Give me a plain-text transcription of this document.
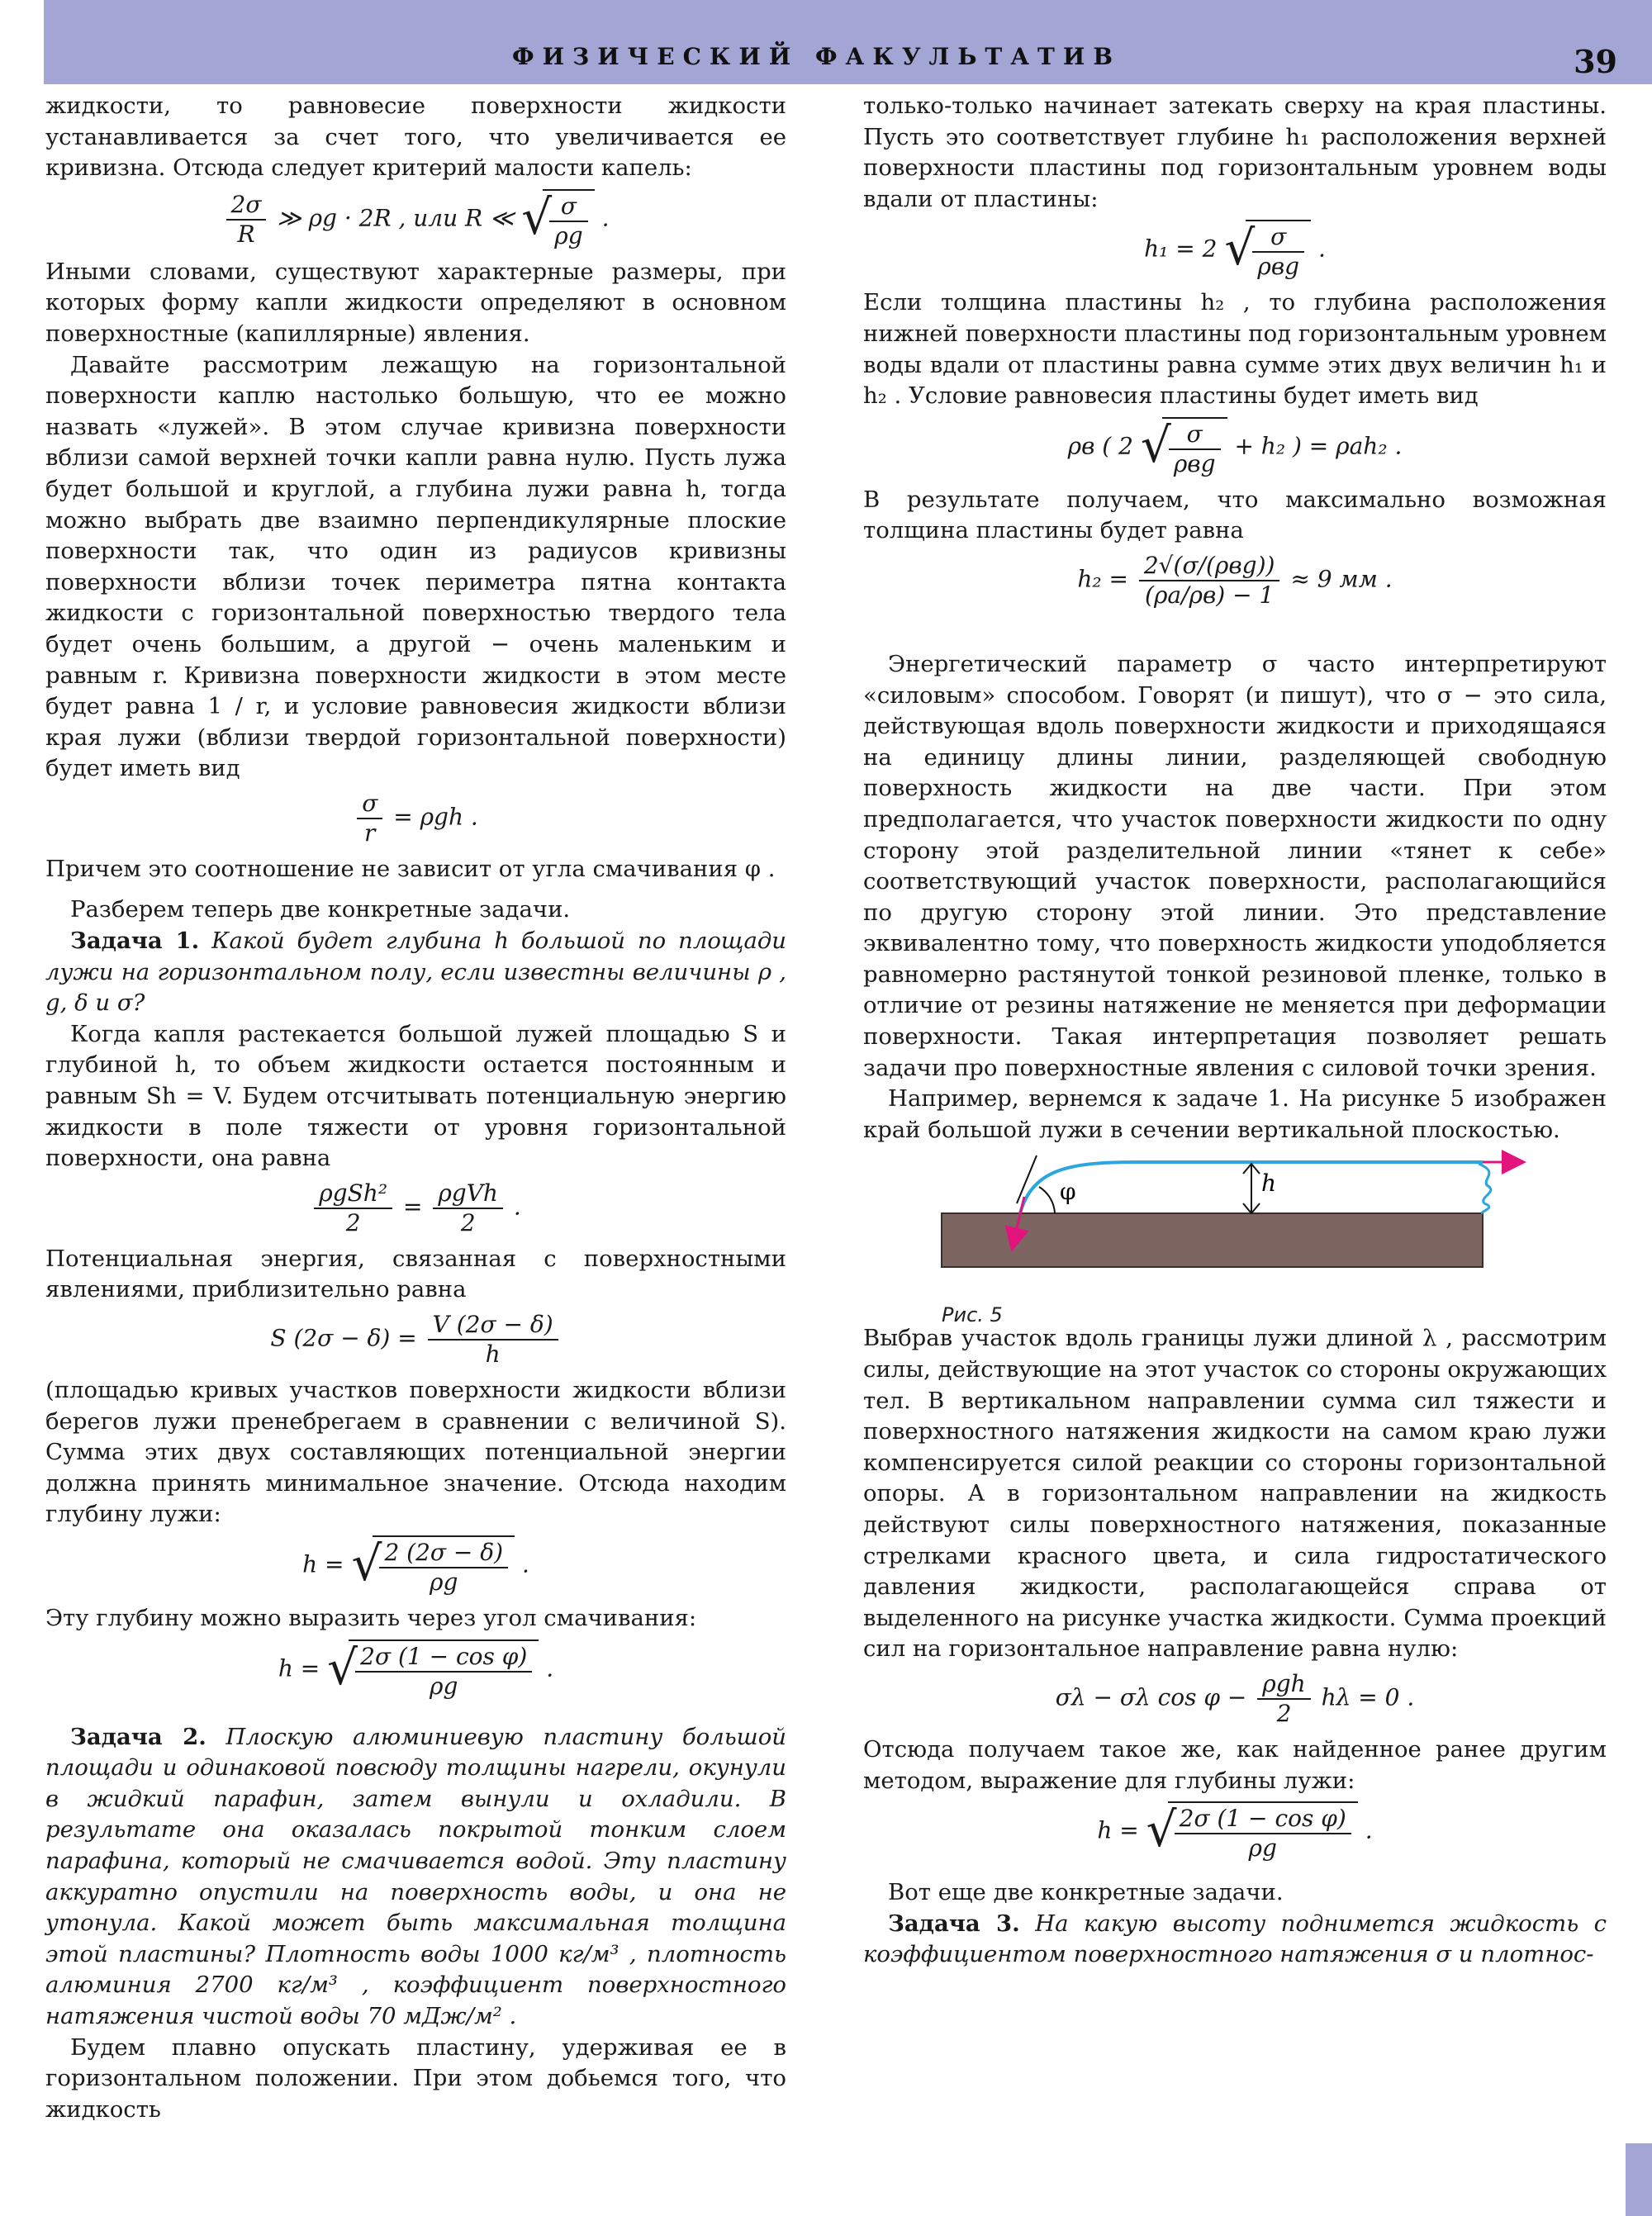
ФИЗИЧЕСКИЙ ФАКУЛЬТАТИВ	39

жидкости, то равновесие поверхности жидкости устанавливается за счет того, что увеличивается ее кривизна. Отсюда следует критерий малости капель:

$\frac{2\sigma}{R}$ ≫ ρg · 2R , или R ≪ √
$\frac{\sigma}{\rho g}$ .

Иными словами, существуют характерные размеры, при которых форму капли жидкости определяют в основном поверхностные (капиллярные) явления.

Давайте рассмотрим лежащую на горизонтальной поверхности каплю настолько большую, что ее можно назвать «лужей». В этом случае кривизна поверхности вблизи самой верхней точки капли равна нулю. Пусть лужа будет большой и круглой, а глубина лужи равна h, тогда можно выбрать две взаимно перпендикулярные плоские поверхности так, что один из радиусов кривизны поверхности вблизи точек периметра пятна контакта жидкости с горизонтальной поверхностью твердого тела будет очень большим, а другой − очень маленьким и равным r. Кривизна поверхности жидкости в этом месте будет равна 1 / r, и условие равновесия жидкости вблизи края лужи (вблизи твердой горизонтальной поверхности) будет иметь вид

$\frac{\sigma}{r} = \rho gh$ .

Причем это соотношение не зависит от угла смачивания φ .

Разберем теперь две конкретные задачи.

Задача 1. Какой будет глубина h большой по площади лужи на горизонтальном полу, если известны величины ρ , g, δ и σ?

Когда капля растекается большой лужей площадью S и глубиной h, то объем жидкости остается постоянным и равным Sh = V. Будем отсчитывать потенциальную энергию жидкости в поле тяжести от уровня горизонтальной поверхности, она равна

$\frac{\text{ρgSh²}}{2} = \frac{\text{ρgVh}}{2}$ .

Потенциальная энергия, связанная с поверхностными явлениями, приблизительно равна

S $(2\sigma - \delta) = \frac{V (2\sigma - \delta)}{h}$

(площадью кривых участков поверхности жидкости вблизи берегов лужи пренебрегаем в сравнении с величиной S). Сумма этих двух составляющих потенциальной энергии должна принять минимальное значение. Отсюда находим глубину лужи:

h = √
$\frac{2 (2\sigma - \delta)}{\rho g}$ .

Эту глубину можно выразить через угол смачивания:

h = √
$\frac{\text{2σ (1 − cos φ)}}{\rho g}$ .

Задача 2. Плоскую алюминиевую пластину большой площади и одинаковой повсюду толщины нагрели, окунули в жидкий парафин, затем вынули и охладили. В результате она оказалась покрытой тонким слоем парафина, который не смачивается водой. Эту пластину аккуратно опустили на поверхность воды, и она не утонула. Какой может быть максимальная толщина этой пластины? Плотность воды 1000 кг/м³ , плотность алюминия 2700 кг/м³ , коэффициент поверхностного натяжения чистой воды 70 мДж/м² .

Будем плавно опускать пластину, удерживая ее в горизонтальном положении. При этом добьемся того, что жидкость

только-только начинает затекать сверху на края пластины. Пусть это соответствует глубине h₁ расположения верхней поверхности пластины под горизонтальным уровнем воды вдали от пластины:

h₁ = 2 √
$\frac{\sigma}{\text{ρвg}}$ .

Если толщина пластины h₂ , то глубина расположения нижней поверхности пластины под горизонтальным уровнем воды вдали от пластины равна сумме этих двух величин h₁ и h₂ . Условие равновесия пластины будет иметь вид

ρв ( 2 √
$\frac{\sigma}{\text{ρвg}} + h_2$ ) = ρаh₂ .

В результате получаем, что максимально возможная толщина пластины будет равна

$h_2 = \frac{\text{2√(σ/(ρвg))}}{(\rho а/\rho в) - 1} \approx 9$ мм .

Энергетический параметр σ часто интерпретируют «силовым» способом. Говорят (и пишут), что σ − это сила, действующая вдоль поверхности жидкости и приходящаяся на единицу длины линии, разделяющей свободную поверхность жидкости на две части. При этом предполагается, что участок поверхности жидкости по одну сторону этой разделительной линии «тянет к себе» соответствующий участок поверхности, располагающийся по другую сторону этой линии. Это представление эквивалентно тому, что поверхность жидкости уподобляется равномерно растянутой тонкой резиновой пленке, только в отличие от резины натяжение не меняется при деформации поверхности. Такая интерпретация позволяет решать задачи про поверхностные явления с силовой точки зрения.

Например, вернемся к задаче 1. На рисунке 5 изображен край большой лужи в сечении вертикальной плоскостью.

φ	h
Рис. 5

Выбрав участок вдоль границы лужи длиной λ , рассмотрим силы, действующие на этот участок со стороны окружающих тел. В вертикальном направлении сумма сил тяжести и поверхностного натяжения жидкости на самом краю лужи компенсируется силой реакции со стороны горизонтальной опоры. А в горизонтальном направлении на жидкость действуют силы поверхностного натяжения, показанные стрелками красного цвета, и сила гидростатического давления жидкости, располагающейся справа от выделенного на рисунке участка жидкости. Сумма проекций сил на горизонтальное направление равна нулю:

σλ − σλ $\cos \varphi - \frac{\text{ρgh}}{2}$ hλ = 0 .

Отсюда получаем такое же, как найденное ранее другим методом, выражение для глубины лужи:

h = √
$\frac{\text{2σ (1 − cos φ)}}{\rho g}$ .

Вот еще две конкретные задачи.

Задача 3. На какую высоту поднимется жидкость с коэффициентом поверхностного натяжения σ и плотнос-
